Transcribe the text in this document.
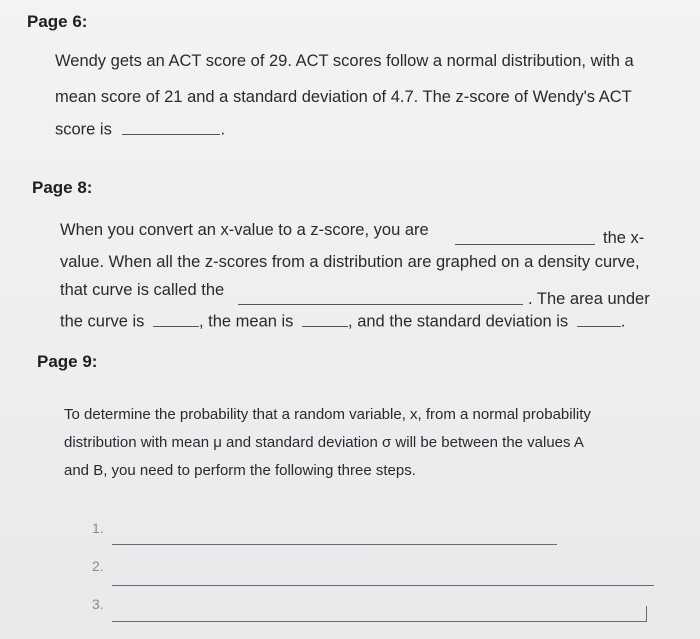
Page 6:
Wendy gets an ACT score of 29. ACT scores follow a normal distribution, with a
mean score of 21 and a standard deviation of 4.7. The z-score of Wendy's ACT
score is	.
Page 8:
When you convert an x-value to a z-score, you are	the x-
value. When all the z-scores from a distribution are graphed on a density curve,
that curve is called the	. The area under
the curve is	, the mean is	, and the standard deviation is	.
Page 9:
To determine the probability that a random variable, x, from a normal probability
distribution with mean μ and standard deviation σ will be between the values A
and B, you need to perform the following three steps.
1.
2.
3.
